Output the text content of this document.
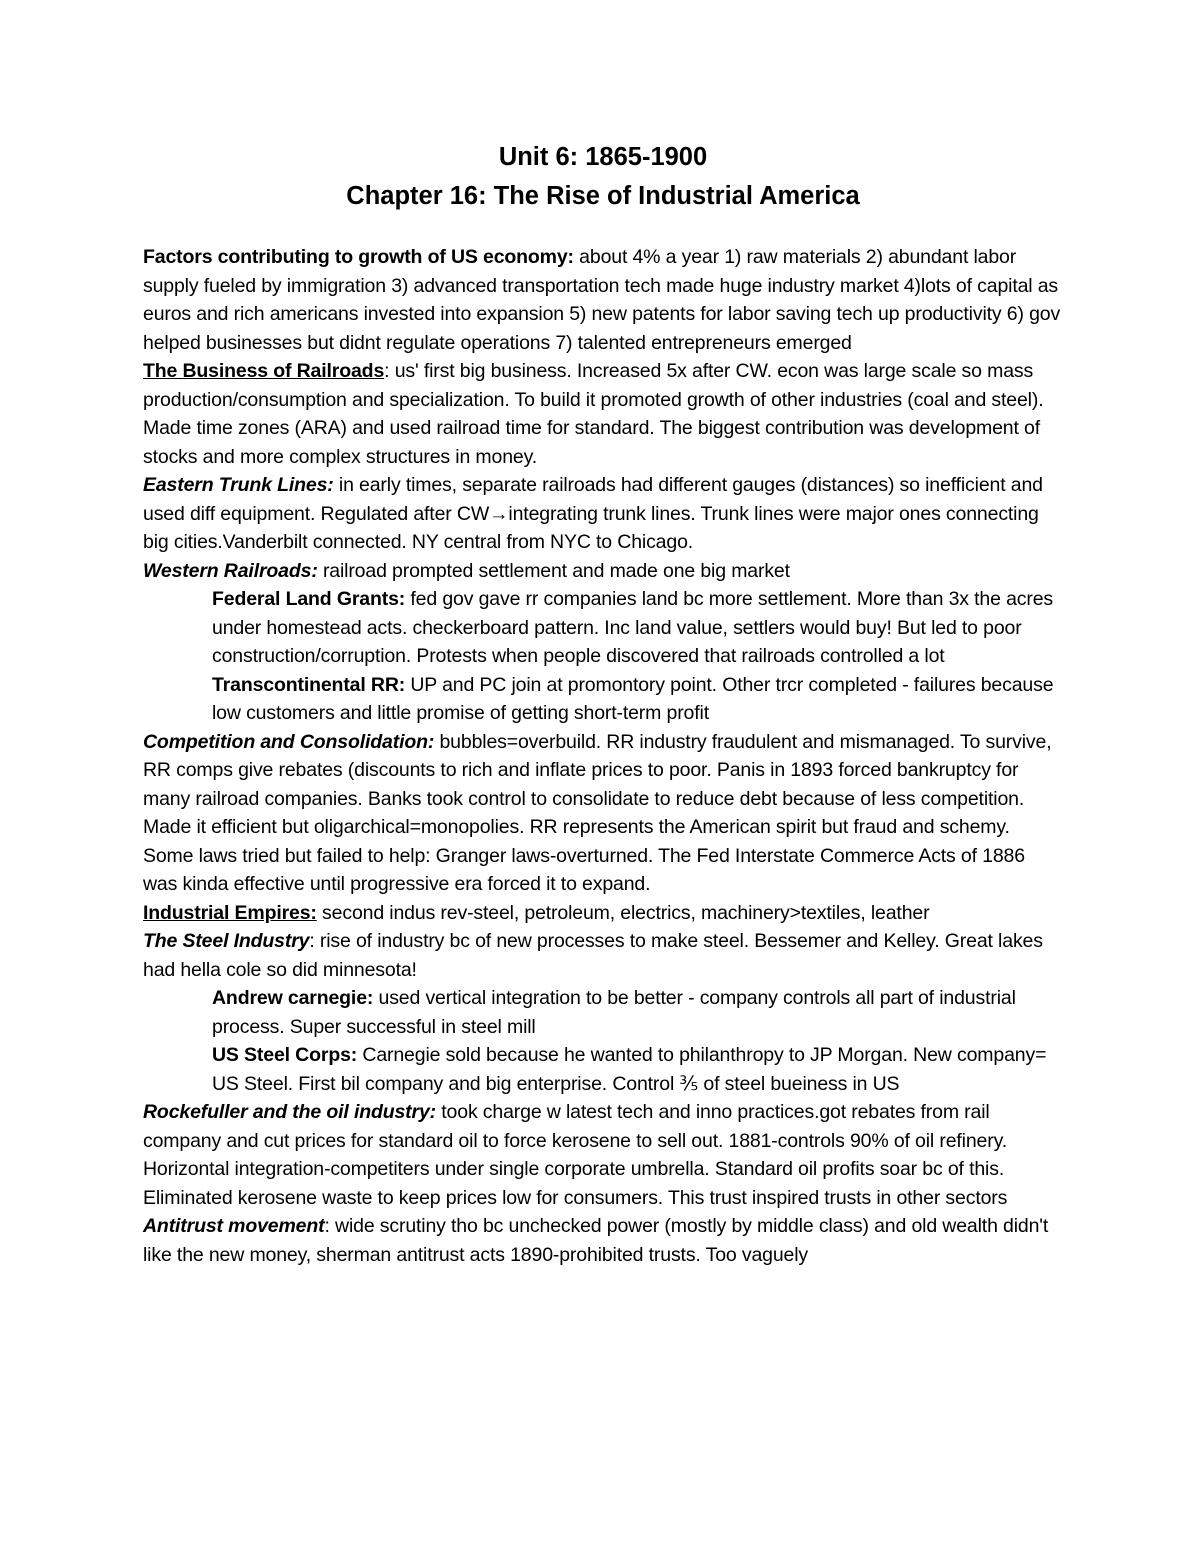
Unit 6: 1865-1900
Chapter 16: The Rise of Industrial America

Factors contributing to growth of US economy: about 4% a year 1) raw materials 2) abundant labor supply fueled by immigration 3) advanced transportation tech made huge industry market 4)lots of capital as euros and rich americans invested into expansion 5) new patents for labor saving tech up productivity 6) gov helped businesses but didnt regulate operations 7) talented entrepreneurs emerged

The Business of Railroads: us' first big business. Increased 5x after CW. econ was large scale so mass production/consumption and specialization. To build it promoted growth of other industries (coal and steel). Made time zones (ARA) and used railroad time for standard. The biggest contribution was development of stocks and more complex structures in money.

Eastern Trunk Lines: in early times, separate railroads had different gauges (distances) so inefficient and used diff equipment. Regulated after CW→integrating trunk lines. Trunk lines were major ones connecting big cities.Vanderbilt connected. NY central from NYC to Chicago.

Western Railroads: railroad prompted settlement and made one big market

Federal Land Grants: fed gov gave rr companies land bc more settlement. More than 3x the acres under homestead acts. checkerboard pattern. Inc land value, settlers would buy! But led to poor construction/corruption. Protests when people discovered that railroads controlled a lot

Transcontinental RR: UP and PC join at promontory point. Other trcr completed - failures because low customers and little promise of getting short-term profit

Competition and Consolidation: bubbles=overbuild. RR industry fraudulent and mismanaged. To survive, RR comps give rebates (discounts to rich and inflate prices to poor. Panis in 1893 forced bankruptcy for many railroad companies. Banks took control to consolidate to reduce debt because of less competition. Made it efficient but oligarchical=monopolies. RR represents the American spirit but fraud and schemy. Some laws tried but failed to help: Granger laws-overturned. The Fed Interstate Commerce Acts of 1886 was kinda effective until progressive era forced it to expand.

Industrial Empires: second indus rev-steel, petroleum, electrics, machinery>textiles, leather

The Steel Industry: rise of industry bc of new processes to make steel. Bessemer and Kelley. Great lakes had hella cole so did minnesota!

Andrew carnegie: used vertical integration to be better - company controls all part of industrial process. Super successful in steel mill

US Steel Corps: Carnegie sold because he wanted to philanthropy to JP Morgan. New company= US Steel. First bil company and big enterprise. Control ⅗ of steel bueiness in US

Rockefuller and the oil industry: took charge w latest tech and inno practices.got rebates from rail company and cut prices for standard oil to force kerosene to sell out. 1881-controls 90% of oil refinery. Horizontal integration-competiters under single corporate umbrella. Standard oil profits soar bc of this. Eliminated kerosene waste to keep prices low for consumers. This trust inspired trusts in other sectors

Antitrust movement: wide scrutiny tho bc unchecked power (mostly by middle class) and old wealth didn't like the new money, sherman antitrust acts 1890-prohibited trusts. Too vaguely
